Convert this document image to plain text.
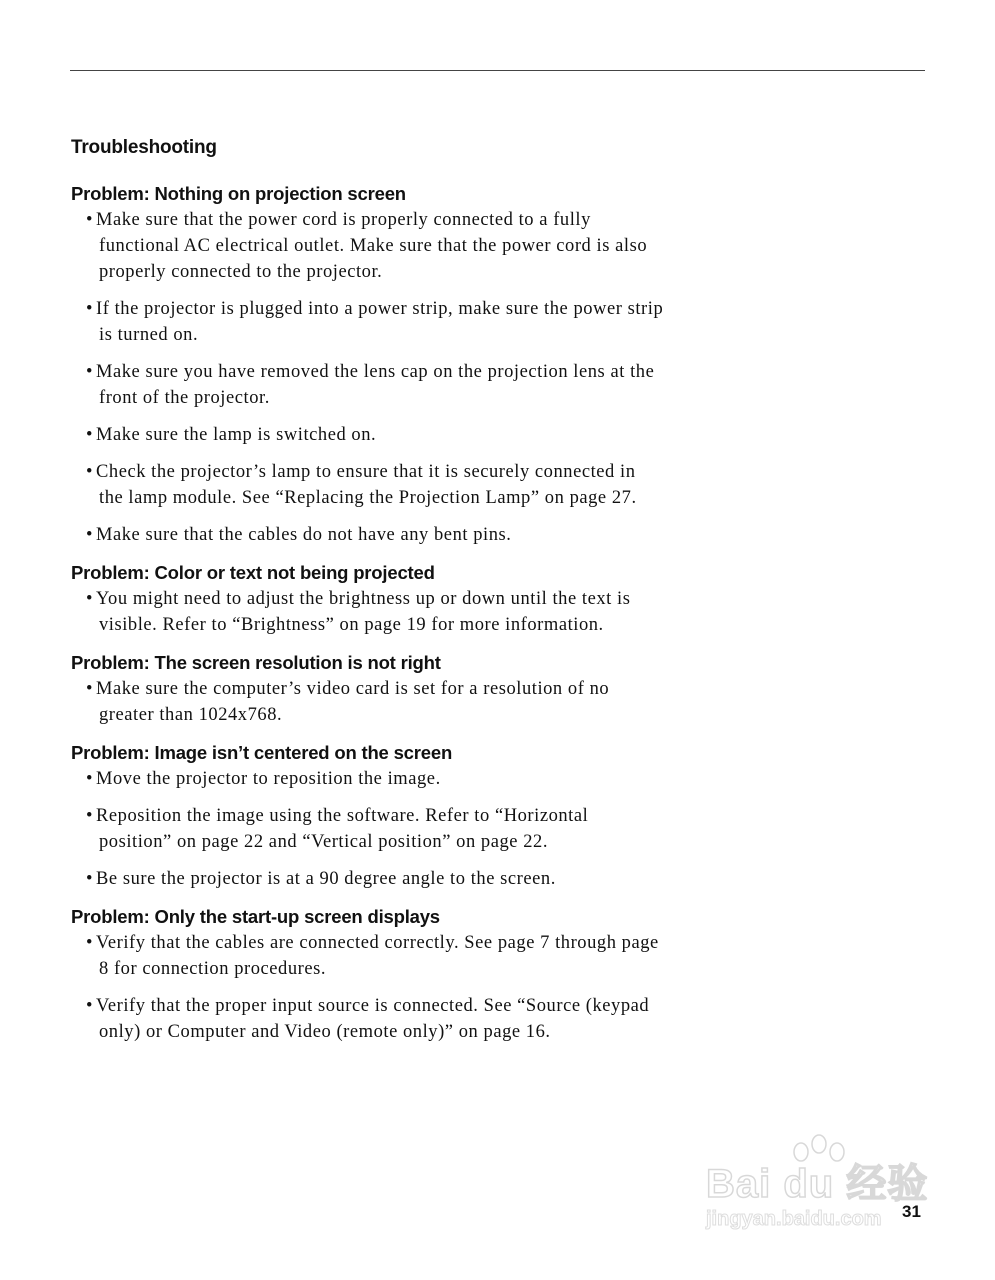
Troubleshooting
Problem: Nothing on projection screen
• Make sure that the power cord is properly connected to a fully functional AC electrical outlet. Make sure that the power cord is also properly connected to the projector.
• If the projector is plugged into a power strip, make sure the power strip is turned on.
• Make sure you have removed the lens cap on the projection lens at the front of the projector.
• Make sure the lamp is switched on.
• Check the projector’s lamp to ensure that it is securely connected in the lamp module. See “Replacing the Projection Lamp” on page 27.
• Make sure that the cables do not have any bent pins.
Problem: Color or text not being projected
• You might need to adjust the brightness up or down until the text is visible. Refer to “Brightness” on page 19 for more information.
Problem: The screen resolution is not right
• Make sure the computer’s video card is set for a resolution of no greater than 1024x768.
Problem: Image isn’t centered on the screen
• Move the projector to reposition the image.
• Reposition the image using the software. Refer to “Horizontal position” on page 22 and “Vertical position” on page 22.
• Be sure the projector is at a 90 degree angle to the screen.
Problem: Only the start-up screen displays
• Verify that the cables are connected correctly. See page 7 through page 8 for connection procedures.
• Verify that the proper input source is connected. See “Source (keypad only) or Computer and Video (remote only)” on page 16.
Bai du 经验
jingyan.baidu.com 31
